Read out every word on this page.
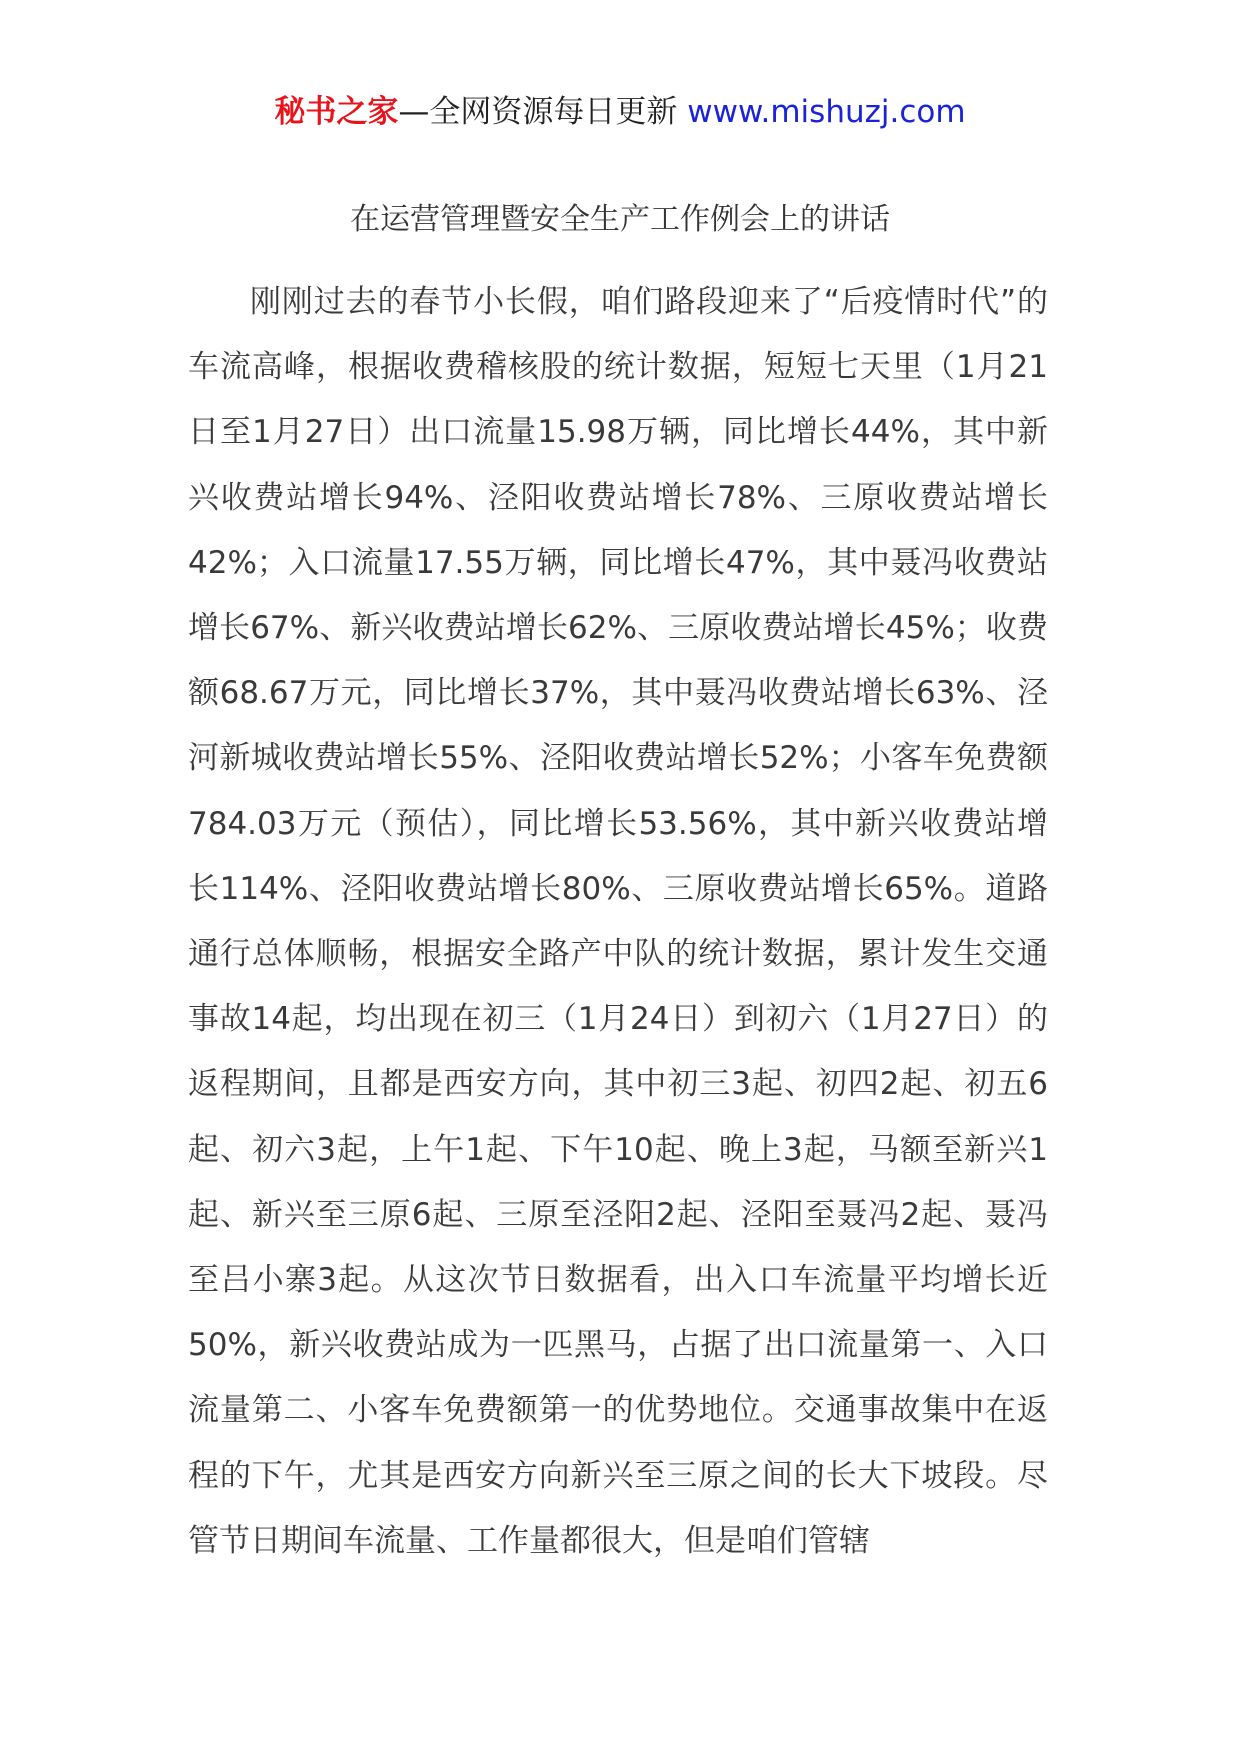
秘书之家—全网资源每日更新 www.mishuzj.com
在运营管理暨安全生产工作例会上的讲话

刚刚过去的春节小长假，咱们路段迎来了“后疫情时代”的车流高峰，根据收费稽核股的统计数据，短短七天里（1月21日至1月27日）出口流量15.98万辆，同比增长44%，其中新兴收费站增长94%、泾阳收费站增长78%、三原收费站增长42%；入口流量17.55万辆，同比增长47%，其中聂冯收费站增长67%、新兴收费站增长62%、三原收费站增长45%；收费额68.67万元，同比增长37%，其中聂冯收费站增长63%、泾河新城收费站增长55%、泾阳收费站增长52%；小客车免费额784.03万元（预估），同比增长53.56%，其中新兴收费站增长114%、泾阳收费站增长80%、三原收费站增长65%。道路通行总体顺畅，根据安全路产中队的统计数据，累计发生交通事故14起，均出现在初三（1月24日）到初六（1月27日）的返程期间，且都是西安方向，其中初三3起、初四2起、初五6起、初六3起，上午1起、下午10起、晚上3起，马额至新兴1起、新兴至三原6起、三原至泾阳2起、泾阳至聂冯2起、聂冯至吕小寨3起。从这次节日数据看，出入口车流量平均增长近50%，新兴收费站成为一匹黑马，占据了出口流量第一、入口流量第二、小客车免费额第一的优势地位。交通事故集中在返程的下午，尤其是西安方向新兴至三原之间的长大下坡段。尽管节日期间车流量、工作量都很大，但是咱们管辖
